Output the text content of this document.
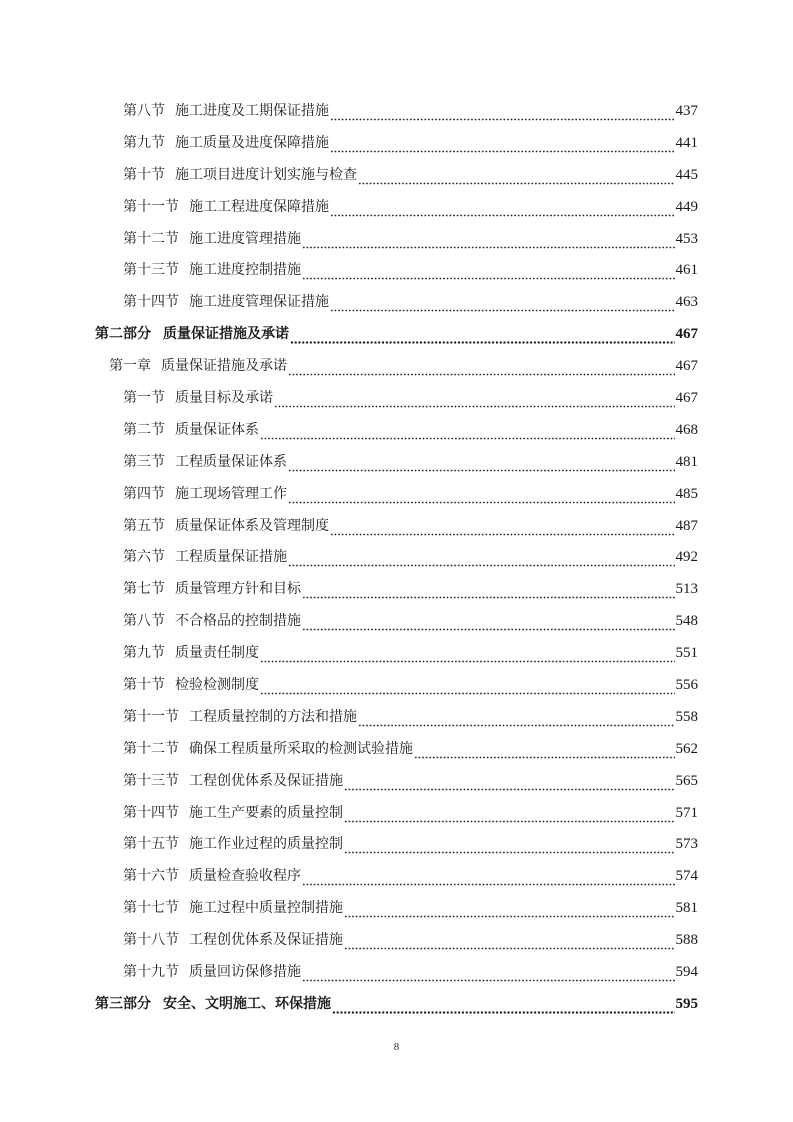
第八节 施工进度及工期保证措施	437
第九节 施工质量及进度保障措施	441
第十节 施工项目进度计划实施与检查	445
第十一节 施工工程进度保障措施	449
第十二节 施工进度管理措施	453
第十三节 施工进度控制措施	461
第十四节 施工进度管理保证措施	463
第二部分 质量保证措施及承诺	467
第一章 质量保证措施及承诺	467
第一节 质量目标及承诺	467
第二节 质量保证体系	468
第三节 工程质量保证体系	481
第四节 施工现场管理工作	485
第五节 质量保证体系及管理制度	487
第六节 工程质量保证措施	492
第七节 质量管理方针和目标	513
第八节 不合格品的控制措施	548
第九节 质量责任制度	551
第十节 检验检测制度	556
第十一节 工程质量控制的方法和措施	558
第十二节 确保工程质量所采取的检测试验措施	562
第十三节 工程创优体系及保证措施	565
第十四节 施工生产要素的质量控制	571
第十五节 施工作业过程的质量控制	573
第十六节 质量检查验收程序	574
第十七节 施工过程中质量控制措施	581
第十八节 工程创优体系及保证措施	588
第十九节 质量回访保修措施	594
第三部分 安全、文明施工、环保措施	595
8
